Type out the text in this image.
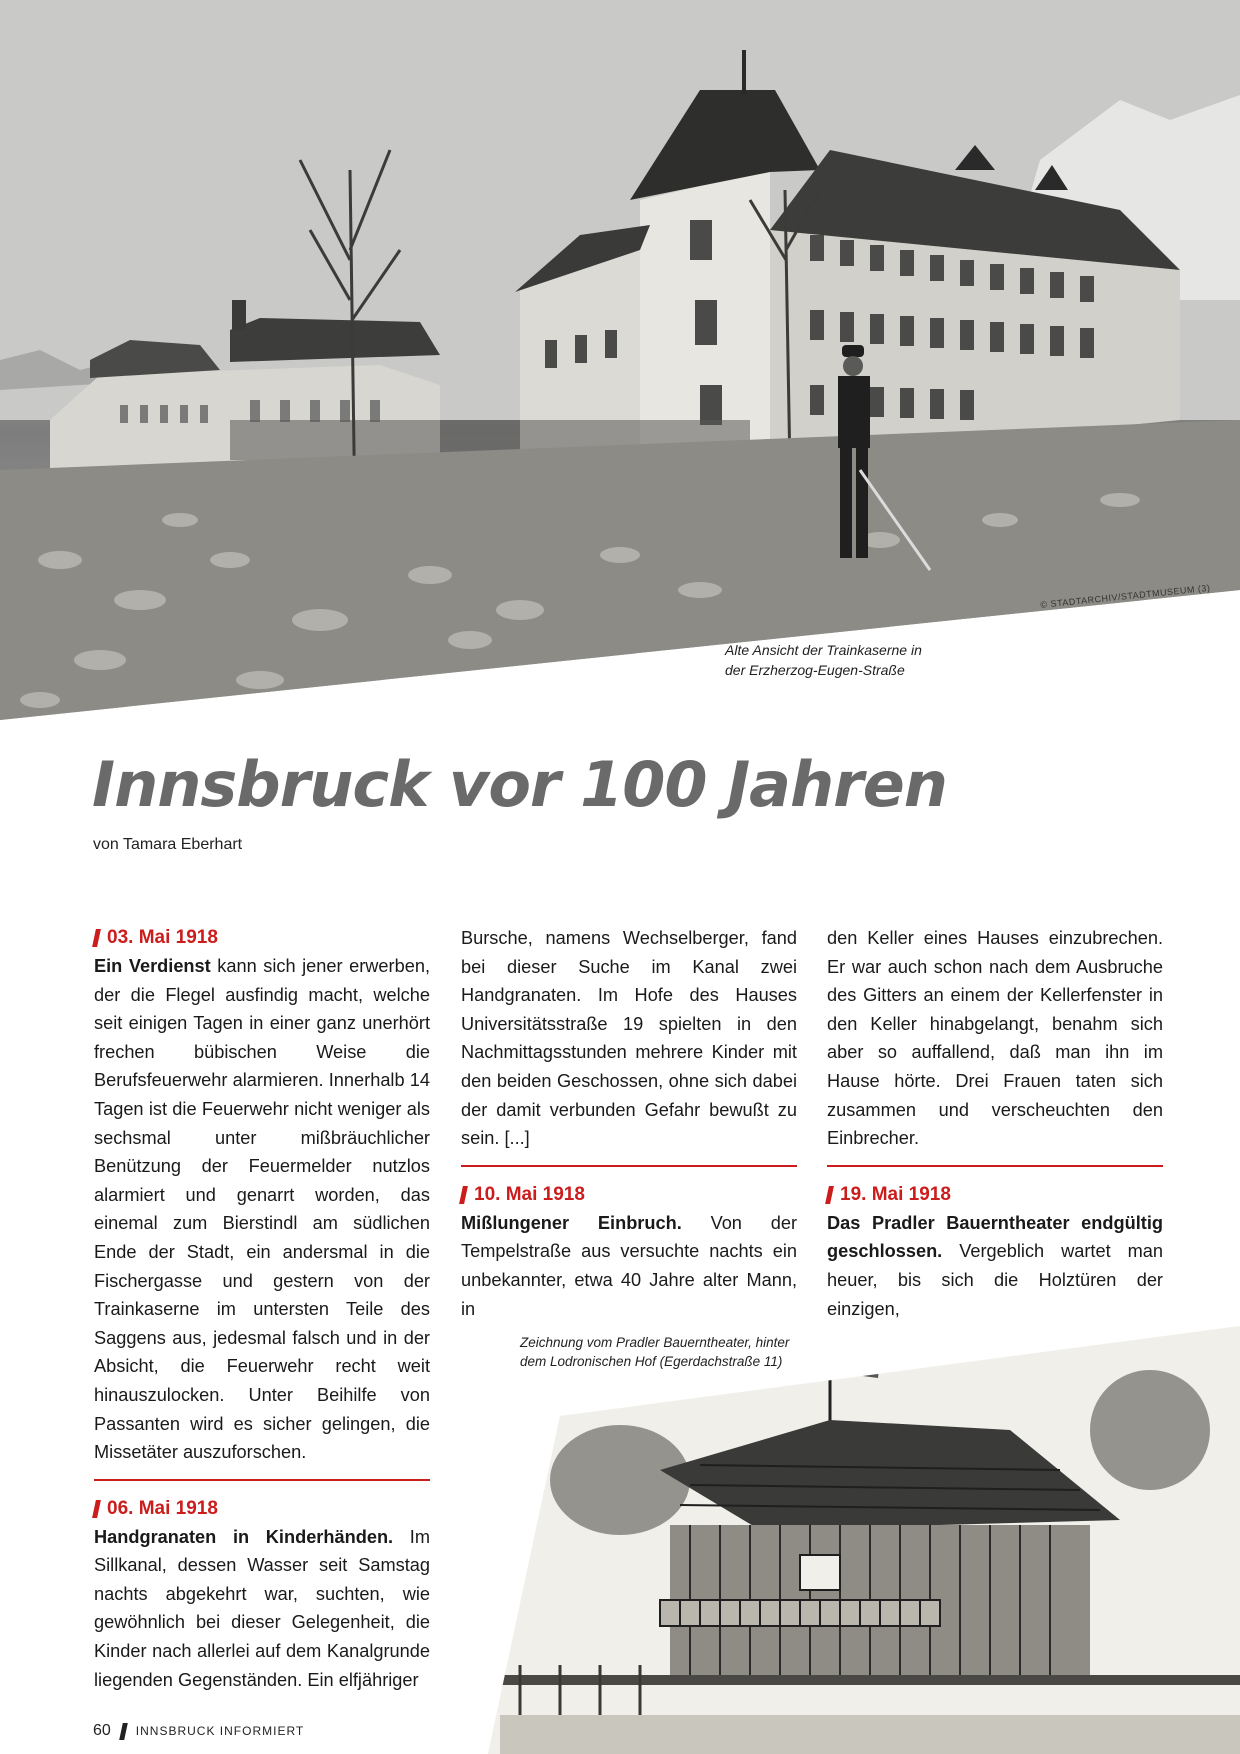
© STADTARCHIV/STADTMUSEUM (3)
Alte Ansicht der Trainkaserne in
der Erzherzog-Eugen-Straße
Innsbruck vor 100 Jahren
von Tamara Eberhart
03. Mai 1918

Ein Verdienst kann sich jener erwerben, der die Flegel ausfindig macht, welche seit einigen Tagen in einer ganz unerhört frechen bübischen Weise die Berufsfeuerwehr alarmieren. Innerhalb 14 Tagen ist die Feuerwehr nicht weniger als sechsmal unter mißbräuchlicher Benützung der Feuermelder nutzlos alarmiert und genarrt worden, das einemal zum Bierstindl am südlichen Ende der Stadt, ein andersmal in die Fischergasse und gestern von der Trainkaserne im untersten Teile des Saggens aus, jedesmal falsch und in der Absicht, die Feuerwehr recht weit hinauszulocken. Unter Beihilfe von Passanten wird es sicher gelingen, die Missetäter auszuforschen.

06. Mai 1918

Handgranaten in Kinderhänden. Im Sillkanal, dessen Wasser seit Samstag nachts abgekehrt war, suchten, wie gewöhnlich bei dieser Gelegenheit, die Kinder nach allerlei auf dem Kanalgrunde liegenden Gegenständen. Ein elfjähriger

Bursche, namens Wechselberger, fand bei dieser Suche im Kanal zwei Handgranaten. Im Hofe des Hauses Universitätsstraße 19 spielten in den Nachmittagsstunden mehrere Kinder mit den beiden Geschossen, ohne sich dabei der damit verbunden Gefahr bewußt zu sein. [...]

10. Mai 1918

Mißlungener Einbruch. Von der Tempelstraße aus versuchte nachts ein unbekannter, etwa 40 Jahre alter Mann, in

den Keller eines Hauses einzubrechen. Er war auch schon nach dem Ausbruche des Gitters an einem der Kellerfenster in den Keller hinabgelangt, benahm sich aber so auffallend, daß man ihn im Hause hörte. Drei Frauen taten sich zusammen und verscheuchten den Einbrecher.

19. Mai 1918

Das Pradler Bauerntheater endgültig geschlossen. Vergeblich wartet man heuer, bis sich die Holztüren der einzigen,

Zeichnung vom Pradler Bauerntheater, hinter
dem Lodronischen Hof (Egerdachstraße 11)
60 INNSBRUCK INFORMIERT
